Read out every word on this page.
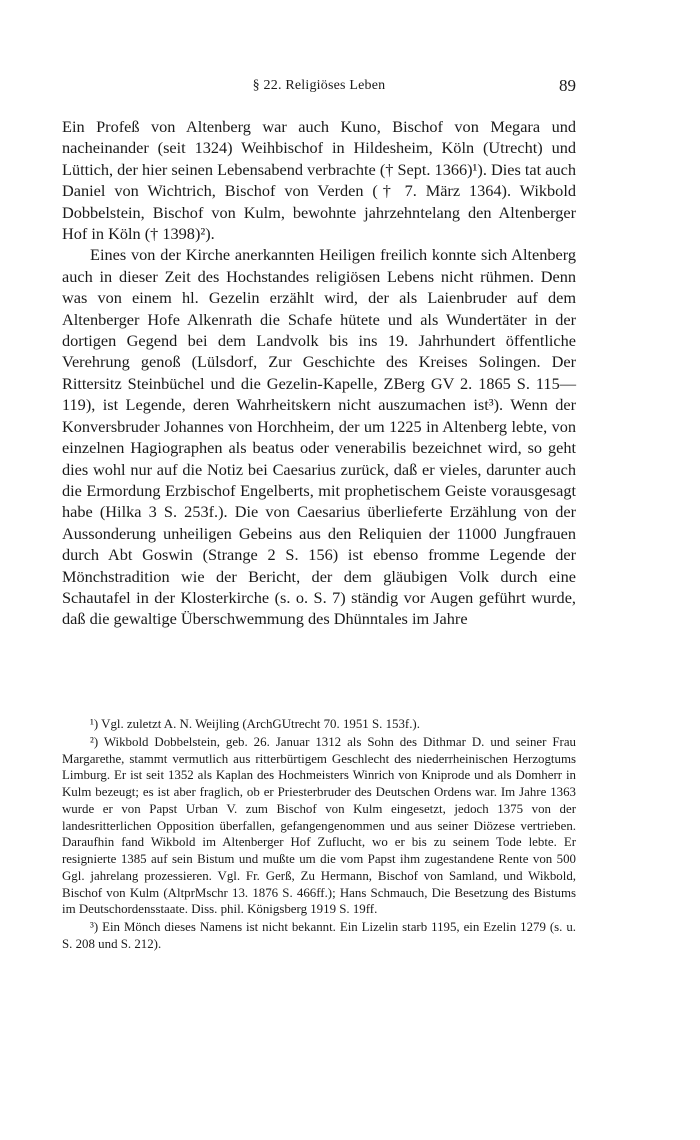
§ 22. Religiöses Leben	89

Ein Profeß von Altenberg war auch Kuno, Bischof von Megara und nacheinander (seit 1324) Weihbischof in Hildesheim, Köln (Utrecht) und Lüttich, der hier seinen Lebensabend verbrachte († Sept. 1366)¹). Dies tat auch Daniel von Wichtrich, Bischof von Verden († 7. März 1364). Wikbold Dobbelstein, Bischof von Kulm, bewohnte jahrzehntelang den Altenberger Hof in Köln († 1398)²).

Eines von der Kirche anerkannten Heiligen freilich konnte sich Altenberg auch in dieser Zeit des Hochstandes religiösen Lebens nicht rühmen. Denn was von einem hl. Gezelin erzählt wird, der als Laienbruder auf dem Altenberger Hofe Alkenrath die Schafe hütete und als Wundertäter in der dortigen Gegend bei dem Landvolk bis ins 19. Jahrhundert öffentliche Verehrung genoß (Lülsdorf, Zur Geschichte des Kreises Solingen. Der Rittersitz Steinbüchel und die Gezelin-Kapelle, ZBerg GV 2. 1865 S. 115—119), ist Legende, deren Wahrheitskern nicht auszumachen ist³). Wenn der Konversbruder Johannes von Horchheim, der um 1225 in Altenberg lebte, von einzelnen Hagiographen als beatus oder venerabilis bezeichnet wird, so geht dies wohl nur auf die Notiz bei Caesarius zurück, daß er vieles, darunter auch die Ermordung Erzbischof Engelberts, mit prophetischem Geiste vorausgesagt habe (Hilka 3 S. 253f.). Die von Caesarius überlieferte Erzählung von der Aussonderung unheiligen Gebeins aus den Reliquien der 11000 Jungfrauen durch Abt Goswin (Strange 2 S. 156) ist ebenso fromme Legende der Mönchstradition wie der Bericht, der dem gläubigen Volk durch eine Schautafel in der Klosterkirche (s. o. S. 7) ständig vor Augen geführt wurde, daß die gewaltige Überschwemmung des Dhünntales im Jahre

¹) Vgl. zuletzt A. N. Weijling (ArchGUtrecht 70. 1951 S. 153f.).

²) Wikbold Dobbelstein, geb. 26. Januar 1312 als Sohn des Dithmar D. und seiner Frau Margarethe, stammt vermutlich aus ritterbürtigem Geschlecht des niederrheinischen Herzogtums Limburg. Er ist seit 1352 als Kaplan des Hochmeisters Winrich von Kniprode und als Domherr in Kulm bezeugt; es ist aber fraglich, ob er Priesterbruder des Deutschen Ordens war. Im Jahre 1363 wurde er von Papst Urban V. zum Bischof von Kulm eingesetzt, jedoch 1375 von der landesritterlichen Opposition überfallen, gefangengenommen und aus seiner Diözese vertrieben. Daraufhin fand Wikbold im Altenberger Hof Zuflucht, wo er bis zu seinem Tode lebte. Er resignierte 1385 auf sein Bistum und mußte um die vom Papst ihm zugestandene Rente von 500 Ggl. jahrelang prozessieren. Vgl. Fr. Gerß, Zu Hermann, Bischof von Samland, und Wikbold, Bischof von Kulm (AltprMschr 13. 1876 S. 466ff.); Hans Schmauch, Die Besetzung des Bistums im Deutschordensstaate. Diss. phil. Königsberg 1919 S. 19ff.

³) Ein Mönch dieses Namens ist nicht bekannt. Ein Lizelin starb 1195, ein Ezelin 1279 (s. u. S. 208 und S. 212).
